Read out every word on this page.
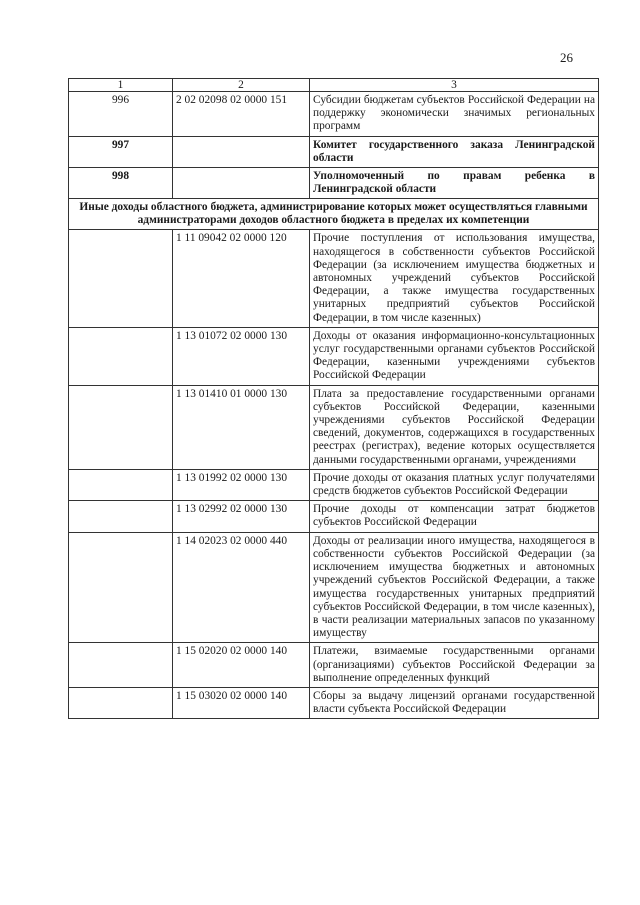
26
1	2	3
996	2 02 02098 02 0000 151	Субсидии бюджетам субъектов Российской Федерации на поддержку экономически значимых региональных программ
997		Комитет государственного заказа Ленинградской области
998		Уполномоченный по правам ребенка в Ленинградской области
Иные доходы областного бюджета, администрирование которых может осуществляться главными администраторами доходов областного бюджета в пределах их компетенции		
	1 11 09042 02 0000 120	Прочие поступления от использования имущества, находящегося в собственности субъектов Российской Федерации (за исключением имущества бюджетных и автономных учреждений субъектов Российской Федерации, а также имущества государственных унитарных предприятий субъектов Российской Федерации, в том числе казенных)
	1 13 01072 02 0000 130	Доходы от оказания информационно-консультационных услуг государственными органами субъектов Российской Федерации, казенными учреждениями субъектов Российской Федерации
	1 13 01410 01 0000 130	Плата за предоставление государственными органами субъектов Российской Федерации, казенными учреждениями субъектов Российской Федерации сведений, документов, содержащихся в государственных реестрах (регистрах), ведение которых осуществляется данными государственными органами, учреждениями
	1 13 01992 02 0000 130	Прочие доходы от оказания платных услуг получателями средств бюджетов субъектов Российской Федерации
	1 13 02992 02 0000 130	Прочие доходы от компенсации затрат бюджетов субъектов Российской Федерации
	1 14 02023 02 0000 440	Доходы от реализации иного имущества, находящегося в собственности субъектов Российской Федерации (за исключением имущества бюджетных и автономных учреждений субъектов Российской Федерации, а также имущества государственных унитарных предприятий субъектов Российской Федерации, в том числе казенных), в части реализации материальных запасов по указанному имуществу
	1 15 02020 02 0000 140	Платежи, взимаемые государственными органами (организациями) субъектов Российской Федерации за выполнение определенных функций
	1 15 03020 02 0000 140	Сборы за выдачу лицензий органами государственной власти субъекта Российской Федерации
